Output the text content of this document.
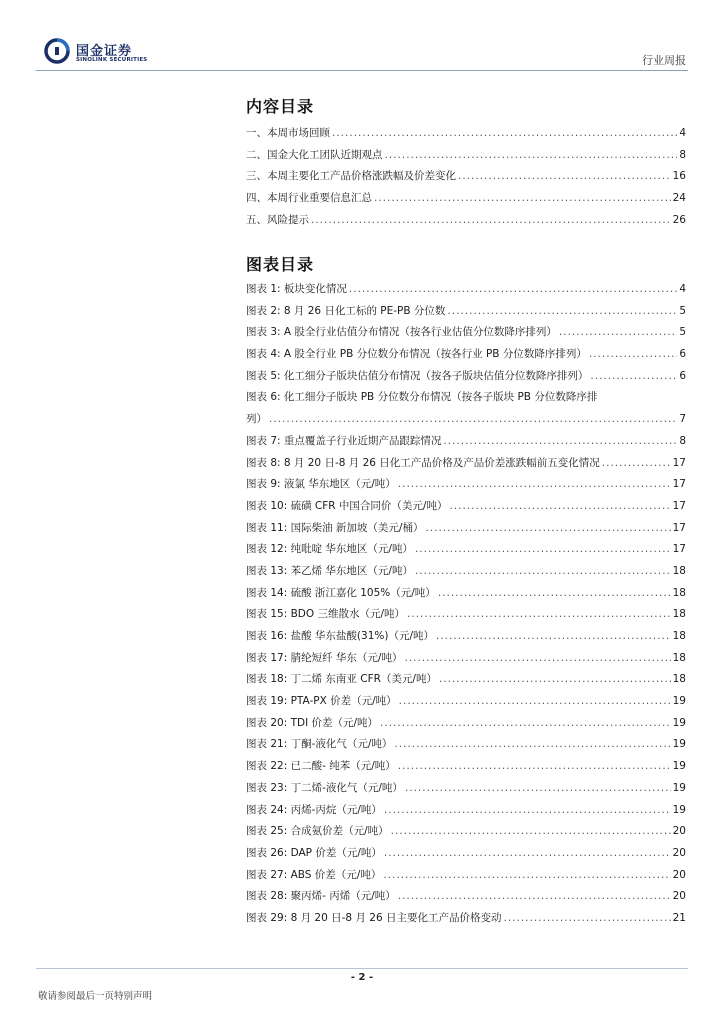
国金证券
SINOLINK SECURITIES	行业周报
内容目录
一、本周市场回顾 .....	4
二、国金大化工团队近期观点 .....	8
三、本周主要化工产品价格涨跌幅及价差变化 .....	16
四、本周行业重要信息汇总 .....	24
五、风险提示 .....	26
图表目录
图表 1: 板块变化情况 .....	4
图表 2: 8 月 26 日化工标的 PE-PB 分位数 .....	5
图表 3: A 股全行业估值分布情况（按各行业估值分位数降序排列） .....	5
图表 4: A 股全行业 PB 分位数分布情况（按各行业 PB 分位数降序排列） .....	6
图表 5: 化工细分子版块估值分布情况（按各子版块估值分位数降序排列） .....	6
图表 6: 化工细分子版块 PB 分位数分布情况（按各子版块 PB 分位数降序排
列） .....	7
图表 7: 重点覆盖子行业近期产品跟踪情况 .....	8
图表 8: 8 月 20 日-8 月 26 日化工产品价格及产品价差涨跌幅前五变化情况 .....	17
图表 9: 液氯 华东地区（元/吨） .....	17
图表 10: 硫磺 CFR 中国合同价（美元/吨） .....	17
图表 11: 国际柴油 新加坡（美元/桶） .....	17
图表 12: 纯吡啶 华东地区（元/吨） .....	17
图表 13: 苯乙烯 华东地区（元/吨） .....	18
图表 14: 硫酸 浙江嘉化 105%（元/吨） .....	18
图表 15: BDO 三维散水（元/吨） .....	18
图表 16: 盐酸 华东盐酸(31%)（元/吨） .....	18
图表 17: 腈纶短纤 华东（元/吨） .....	18
图表 18: 丁二烯 东南亚 CFR（美元/吨） .....	18
图表 19: PTA-PX 价差（元/吨） .....	19
图表 20: TDI 价差（元/吨） .....	19
图表 21: 丁酮-液化气（元/吨） .....	19
图表 22: 已二酸- 纯苯（元/吨） .....	19
图表 23: 丁二烯-液化气（元/吨） .....	19
图表 24: 丙烯-丙烷（元/吨） .....	19
图表 25: 合成氨价差（元/吨） .....	20
图表 26: DAP 价差（元/吨） .....	20
图表 27: ABS 价差（元/吨） .....	20
图表 28: 聚丙烯- 丙烯（元/吨） .....	20
图表 29: 8 月 20 日-8 月 26 日主要化工产品价格变动 .....	21
- 2 -
敬请参阅最后一页特别声明
